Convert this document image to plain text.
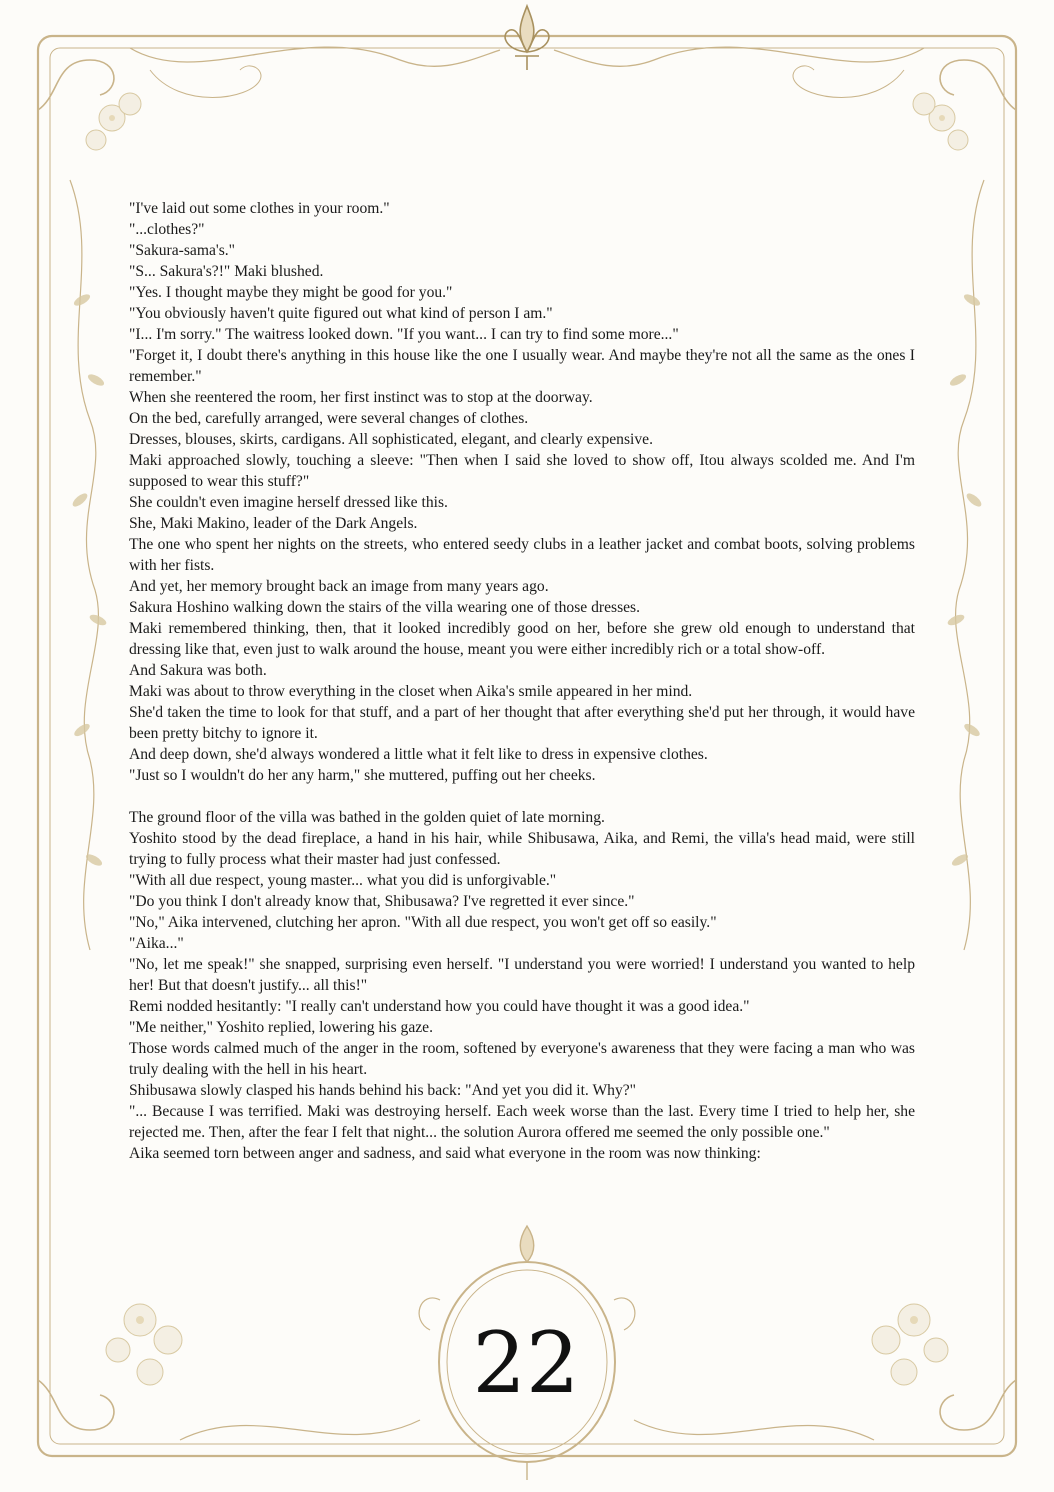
"I've laid out some clothes in your room."

"...clothes?"

"Sakura-sama's."

"S... Sakura's?!" Maki blushed.

"Yes. I thought maybe they might be good for you."

"You obviously haven't quite figured out what kind of person I am."

"I... I'm sorry." The waitress looked down. "If you want... I can try to find some more..."

"Forget it, I doubt there's anything in this house like the one I usually wear. And maybe they're not all the same as the ones I remember."

When she reentered the room, her first instinct was to stop at the doorway.

On the bed, carefully arranged, were several changes of clothes.

Dresses, blouses, skirts, cardigans. All sophisticated, elegant, and clearly expensive.

Maki approached slowly, touching a sleeve: "Then when I said she loved to show off, Itou always scolded me. And I'm supposed to wear this stuff?"

She couldn't even imagine herself dressed like this.

She, Maki Makino, leader of the Dark Angels.

The one who spent her nights on the streets, who entered seedy clubs in a leather jacket and combat boots, solving problems with her fists.

And yet, her memory brought back an image from many years ago.

Sakura Hoshino walking down the stairs of the villa wearing one of those dresses.

Maki remembered thinking, then, that it looked incredibly good on her, before she grew old enough to understand that dressing like that, even just to walk around the house, meant you were either incredibly rich or a total show-off.

And Sakura was both.

Maki was about to throw everything in the closet when Aika's smile appeared in her mind.

She'd taken the time to look for that stuff, and a part of her thought that after everything she'd put her through, it would have been pretty bitchy to ignore it.

And deep down, she'd always wondered a little what it felt like to dress in expensive clothes.

"Just so I wouldn't do her any harm," she muttered, puffing out her cheeks.

The ground floor of the villa was bathed in the golden quiet of late morning.

Yoshito stood by the dead fireplace, a hand in his hair, while Shibusawa, Aika, and Remi, the villa's head maid, were still trying to fully process what their master had just confessed.

"With all due respect, young master... what you did is unforgivable."

"Do you think I don't already know that, Shibusawa? I've regretted it ever since."

"No," Aika intervened, clutching her apron. "With all due respect, you won't get off so easily."

"Aika..."

"No, let me speak!" she snapped, surprising even herself. "I understand you were worried! I understand you wanted to help her! But that doesn't justify... all this!"

Remi nodded hesitantly: "I really can't understand how you could have thought it was a good idea."

"Me neither," Yoshito replied, lowering his gaze.

Those words calmed much of the anger in the room, softened by everyone's awareness that they were facing a man who was truly dealing with the hell in his heart.

Shibusawa slowly clasped his hands behind his back: "And yet you did it. Why?"

"... Because I was terrified. Maki was destroying herself. Each week worse than the last. Every time I tried to help her, she rejected me. Then, after the fear I felt that night... the solution Aurora offered me seemed the only possible one."

Aika seemed torn between anger and sadness, and said what everyone in the room was now thinking:

22
